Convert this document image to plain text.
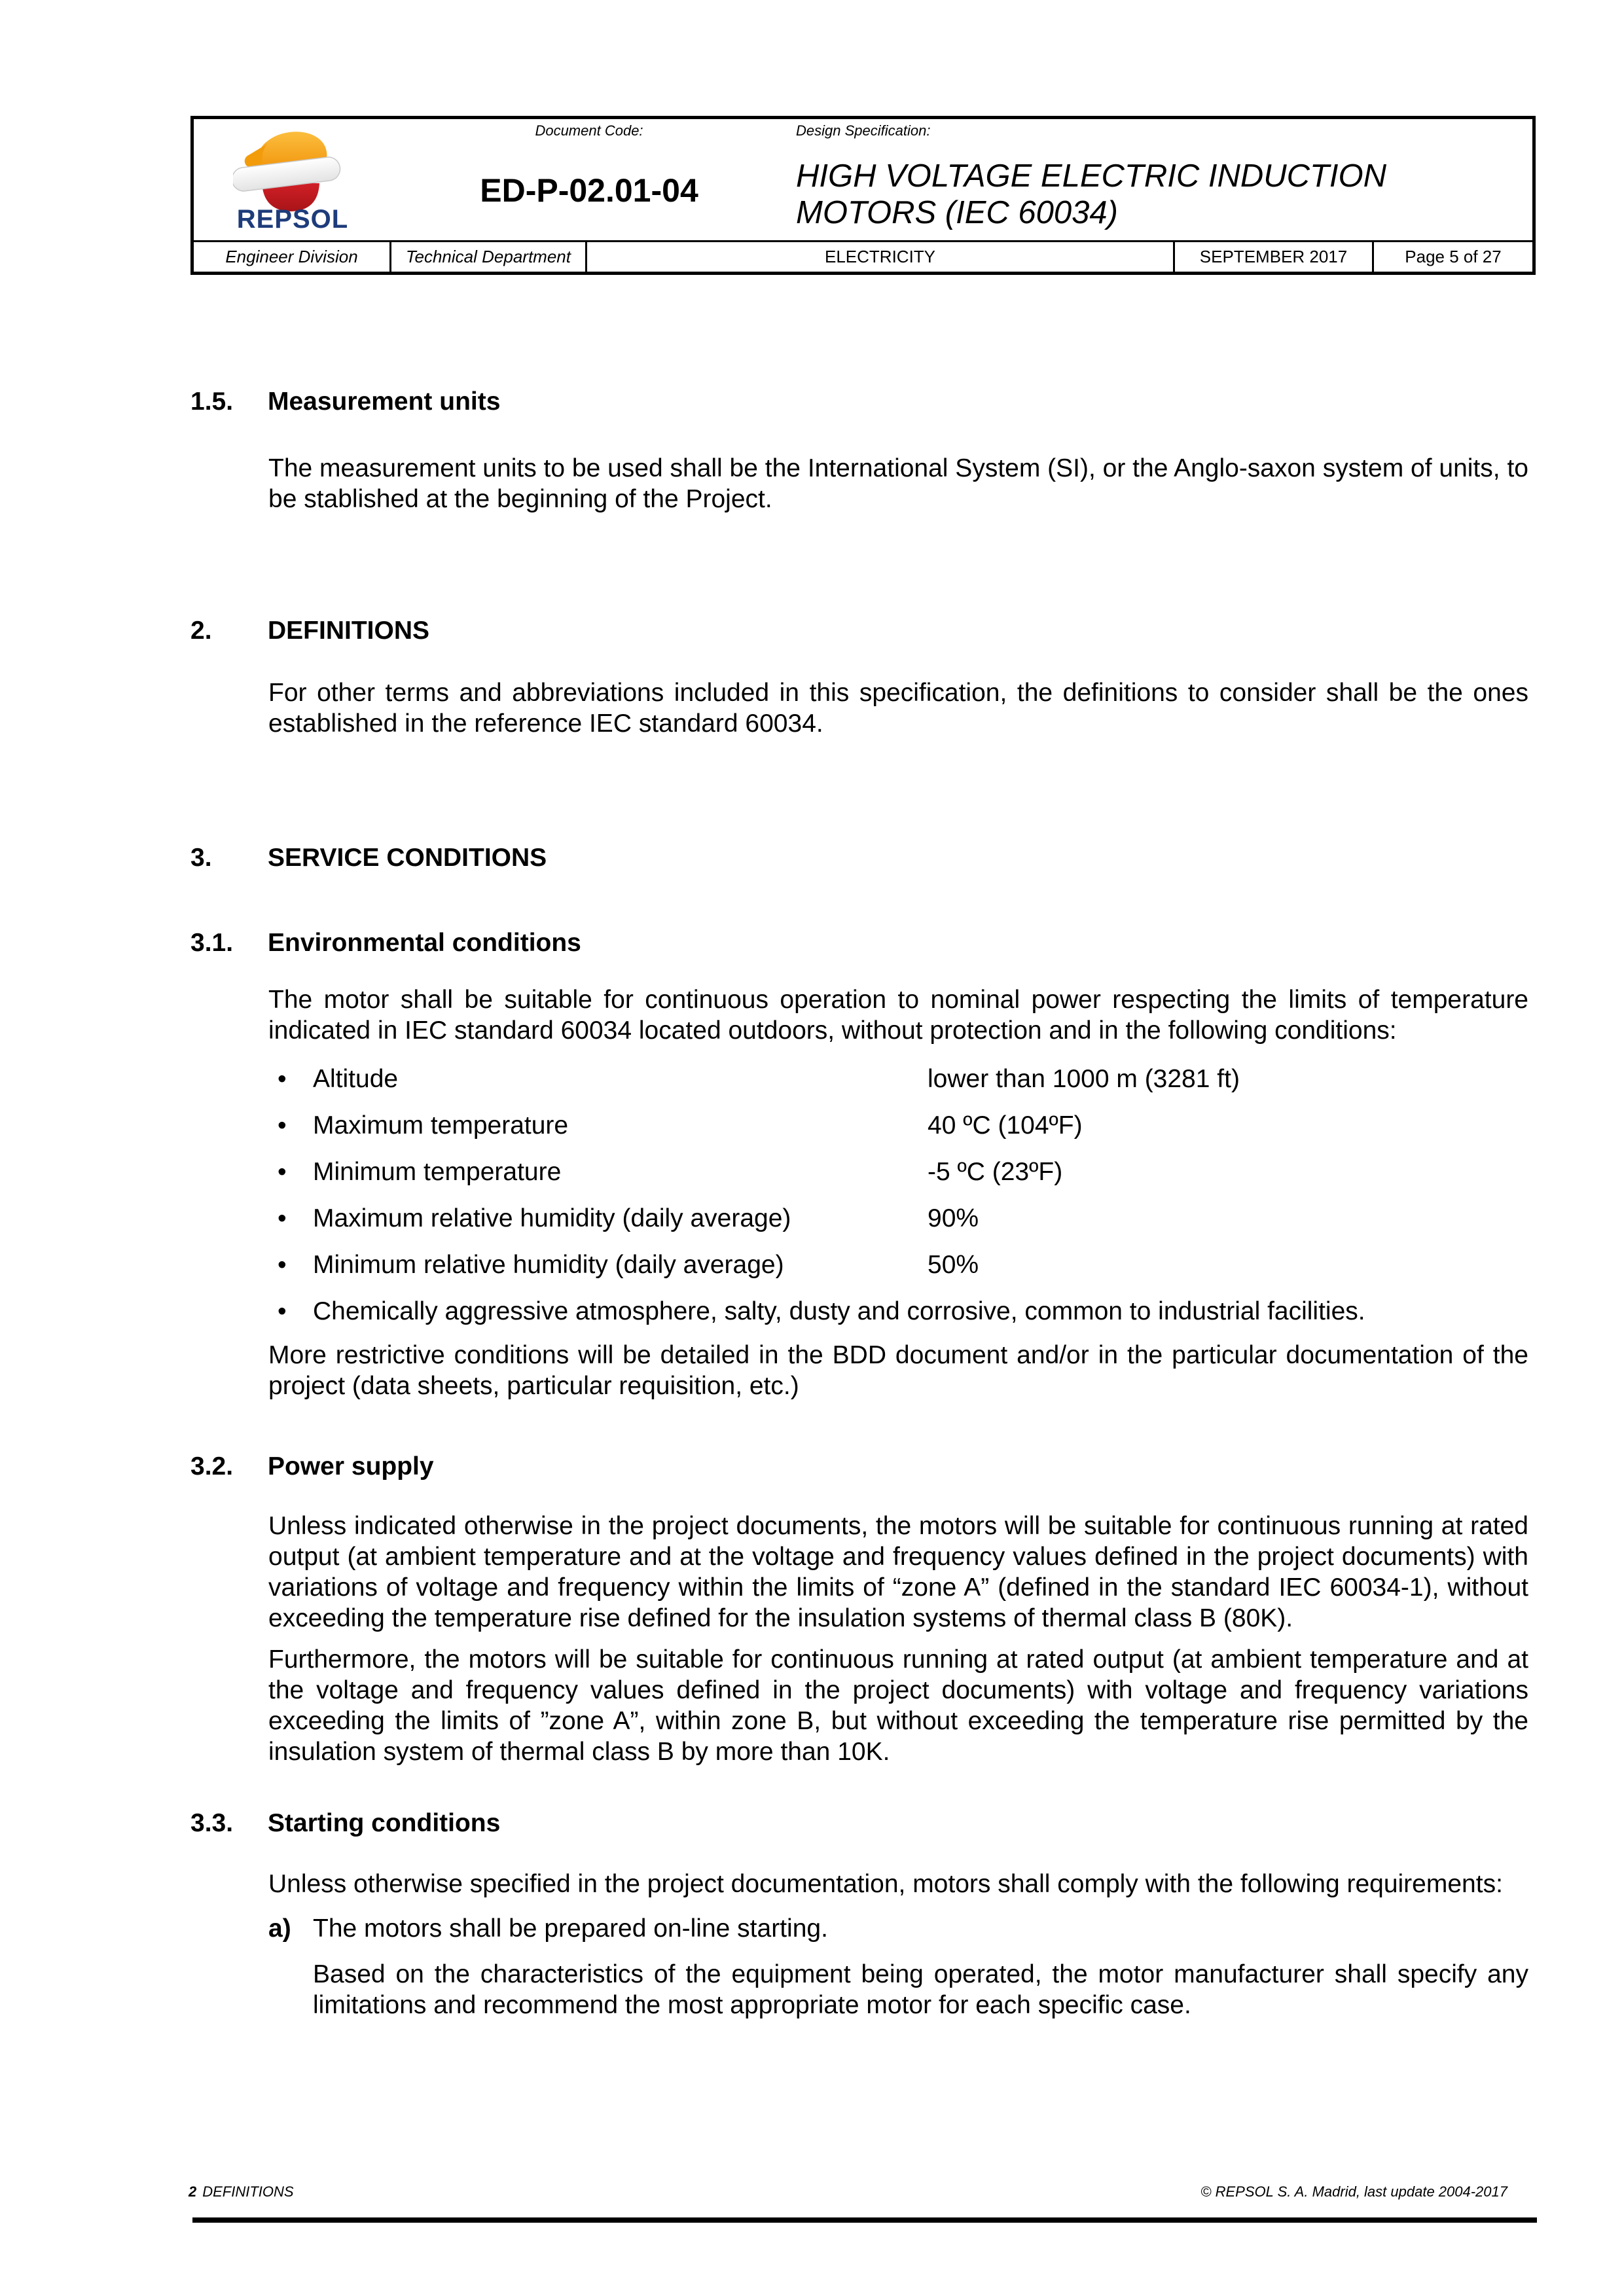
REPSOL
Document Code:
ED-P-02.01-04
Design Specification:
HIGH VOLTAGE ELECTRIC INDUCTION
MOTORS (IEC 60034)
Engineer Division	Technical Department	ELECTRICITY	SEPTEMBER 2017	Page 5 of 27
1.5. Measurement units
The measurement units to be used shall be the International System (SI), or the Anglo-saxon system of units, to be stablished at the beginning of the Project.
2. DEFINITIONS
For other terms and abbreviations included in this specification, the definitions to consider shall be the ones established in the reference IEC standard 60034.
3. SERVICE CONDITIONS
3.1. Environmental conditions
The motor shall be suitable for continuous operation to nominal power respecting the limits of temperature indicated in IEC standard 60034 located outdoors, without protection and in the following conditions:
• Altitude	lower than 1000 m (3281 ft)
• Maximum temperature	40 ºC (104ºF)
• Minimum temperature	-5 ºC (23ºF)
• Maximum relative humidity (daily average)	90%
• Minimum relative humidity (daily average)	50%
• Chemically aggressive atmosphere, salty, dusty and corrosive, common to industrial facilities.
More restrictive conditions will be detailed in the BDD document and/or in the particular documentation of the project (data sheets, particular requisition, etc.)
3.2. Power supply
Unless indicated otherwise in the project documents, the motors will be suitable for continuous running at rated output (at ambient temperature and at the voltage and frequency values defined in the project documents) with variations of voltage and frequency within the limits of “zone A” (defined in the standard IEC 60034-1), without exceeding the temperature rise defined for the insulation systems of thermal class B (80K).
Furthermore, the motors will be suitable for continuous running at rated output (at ambient temperature and at the voltage and frequency values defined in the project documents) with voltage and frequency variations exceeding the limits of ”zone A”, within zone B, but without exceeding the temperature rise permitted by the insulation system of thermal class B by more than 10K.
3.3. Starting conditions
Unless otherwise specified in the project documentation, motors shall comply with the following requirements:
a) The motors shall be prepared on-line starting.
Based on the characteristics of the equipment being operated, the motor manufacturer shall specify any limitations and recommend the most appropriate motor for each specific case.
2 DEFINITIONS	© REPSOL S. A. Madrid, last update 2004-2017
